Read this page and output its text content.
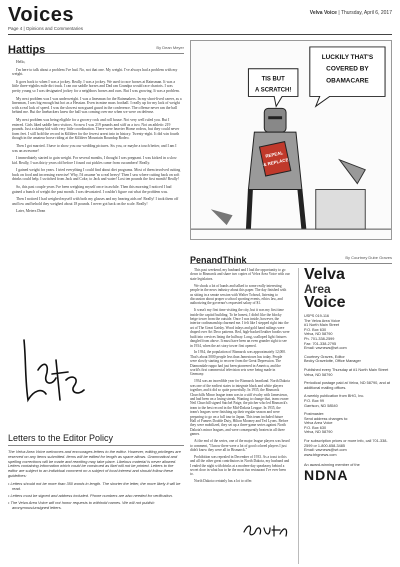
Voices	Velva Voice | Thursday, April 6, 2017
Page 4 | Opinions and Commentaries
Hattips	By Dean Meyer

Hello,

I'm here to talk about a problem I've had. No, not that one. My weight. I've always had a problem with my weight.

It goes back to when I was a jockey. Really. I was a jockey. We used to race horses at Rainsman. It was a little three-eighths mile dirt track. I ran our saddle horses and Dad ran Grandpa would race chariots. I was pretty young so I was designated jockey for a neighbors horses and ours. But I was growing. It was a problem.

My next problem was I was underweight. I was a linesman for the Rainmakers. In my short-lived career, as a linesman, I was big enough but hot as a Hessian. Even in mine mass football. I really up for my lack of weight with a real lack of speed. I was the slowest non guard guard in the conference. The offense never ran the ball behind me. But the linebackers knew the ball was coming over me when we were on defense.

My next problem was being eligible for a grocery rock and roll house. Not very well ruled you. But I entered. Girls liked saddle hero visitors. So now I was 219 pounds and stiff as a two. Not an athletic 219 pounds. Just a skinny kid with very little coordination. There were heavier Home rodeos, but they could never form feet. I still hold the record in Killdeer for the fewest arrest into in history. Twenty-eight. It did win fourth though in the amateur horse riding at the Killdeer Mountain Roundup Rodeo.

Then I got married. I have to show you our wedding pictures. Sis you, or maybe a touch better, and I am I was an awesome!

I immediately started to gain weight. For several months, I thought I was pregnant. I was kicked in a slow kid. Really, I was thirty years old before I found out pickles came from cucumbers! Really.

I gained weight for years. I tried everything I could find about diet programs. Most of them involved cutting back on food and increasing exercise! Why, I'd assume 'm a real heavy! Then I saw where cutting back on soft drinks could help. I switched from Jack and Coke, to Jack and water! Lost ten pounds the first month! Really!

So, this past couple years I've been weighing myself once in awhile. Then this morning I noticed I had gained a bunch of weight the past month. I was devastated. I couldn't figure out what the problem was.

Then I noticed I had weighed myself with both my glasses and my hearing aids on! Really! I took them off and low and behold they weighed about 18 pounds. I never got back on the scale. Really!

Later, Meters Dean

LUCKILY THAT'S
COVERED BY
OBAMACARE
TIS BUT
A SCRATCH!
REPEAL
& REPLACE
PenandThink	By Courtney Dube Graves

This past weekend, my husband and I had the opportunity to go down to Bismarck and share two copies of Velva Area Voice with our state legislators.

We shook a lot of hands and talked to some really interesting people in the news industry about this paper. The day finished with us sitting in a senate session with Walter Tofsrud, listening to discussion about proper a school sporting events, ethics law, and authorizing the governor's requested salary of $1.

It wasn't my first time visiting the city, but it was my first time inside the capitol building. To be honest, I didn't like the blocky beige tower from the outside. Once I was inside, however, the interior craftsmanship charmed me. I felt like I stepped right into the art of The Great Gatsby. Wood inlays and gold hand railings were draped over Art Deco patterns. Red, high-backed leather booths were built into crevices lining the hallway. Long, scalloped light fixtures dangled from above. It must have been an even grander sight to see in 1934, when the art story tower first opened.

In 1934, the population of Bismarck was approximately 12,000. That's about 5000 people less than Jamestown has today. People were slowly starting to recover from the Great Depression. The Diamondale ruppo had just been pioneered in America, and the world's first commercial television sets were being made in Germany.

1934 was an incredible year for Bismarck heartland. North Dakota was one of the earliest states to integrate black and white players together, and it did so quite powerfully. In 1935, the Bismarck Churchills Minor league team was in a stiff rivalry with Jamestown, and had been on a losing streak. Wanting to change that, team owner Neil Churchill signed Satchel Paige, the pitcher who led Bismarck's team to the best record in the Mid-Dakota League. In 1935, the team's leagues were finishing up their regular season and were preparing to go on a full tour in Japan. This team included future Hall of Famers Double Duty, Hilton Mooney and Ted Lyons. Before they were mobilized, they set up a three-game series against North Dakota's minor leagues, and were consequently beaten in all three games.

At the end of the series, one of the major league players was heard to comment, "I know there were a lot of good colored players I just didn't know they were all in Bismarck."

Prohibition was repealed in December of 1933. As a toast to this and all the other great contributors in North Dakota, my husband and I ended the night with drinks at a modern-day speakeasy behind a secret door in what has to be the most fun restaurant I've ever been to.

North Dakota certainly has a lot to offer.

Velva
Area
Voice

USPS 019-116
The Velva Area Voice
#1 North Main Street
P.O. Box 630
Velva, ND 58790
Ph. 701-338-2599
Fax: 701-338-2795
Email: vavnews@srt.com

Courtney Graves, Editor
Becky Gravelotte, Office Manager

Published every Thursday at #1 North Main Street Velva, ND 58790

Periodical postage paid at Velva, ND 58790, and at additional mailing offices.

A weekly publication from BHG, Inc.
P.O. Box 99
Garrison, ND 58540

Postmaster:
Send address changes to:
Velva Area Voice
P.O. Box 630
Velva, ND 58790

For subscription prices or more info, call 701-338-2599 or 1-800-658-3485
Email: vavnews@srt.com
www.bhgnews.com

An award-winning member of the
NDNA
Letters to the Editor Policy

The Velva Area Voice welcomes and encourages letters to the editor. However, editing privileges are reserved on any items submitted. Items will be edited for length as space allows. Grammatical and spelling corrections will be made and rewriting may take place. Libelous material is never allowed. Letters containing information which could be construed as libel will not be printed. Letters to the editor are subject to an individual comment on a subject of local interest and should follow these guidelines:

• Letters should not be more than 350 words in length. The shorter the letter, the more likely it will be read.
• Letters must be signed and address included. Phone numbers are also needed for verification.
• The Velva Area Voice will not honor requests to withhold names. We will not publish anonymous/unsigned letters.
